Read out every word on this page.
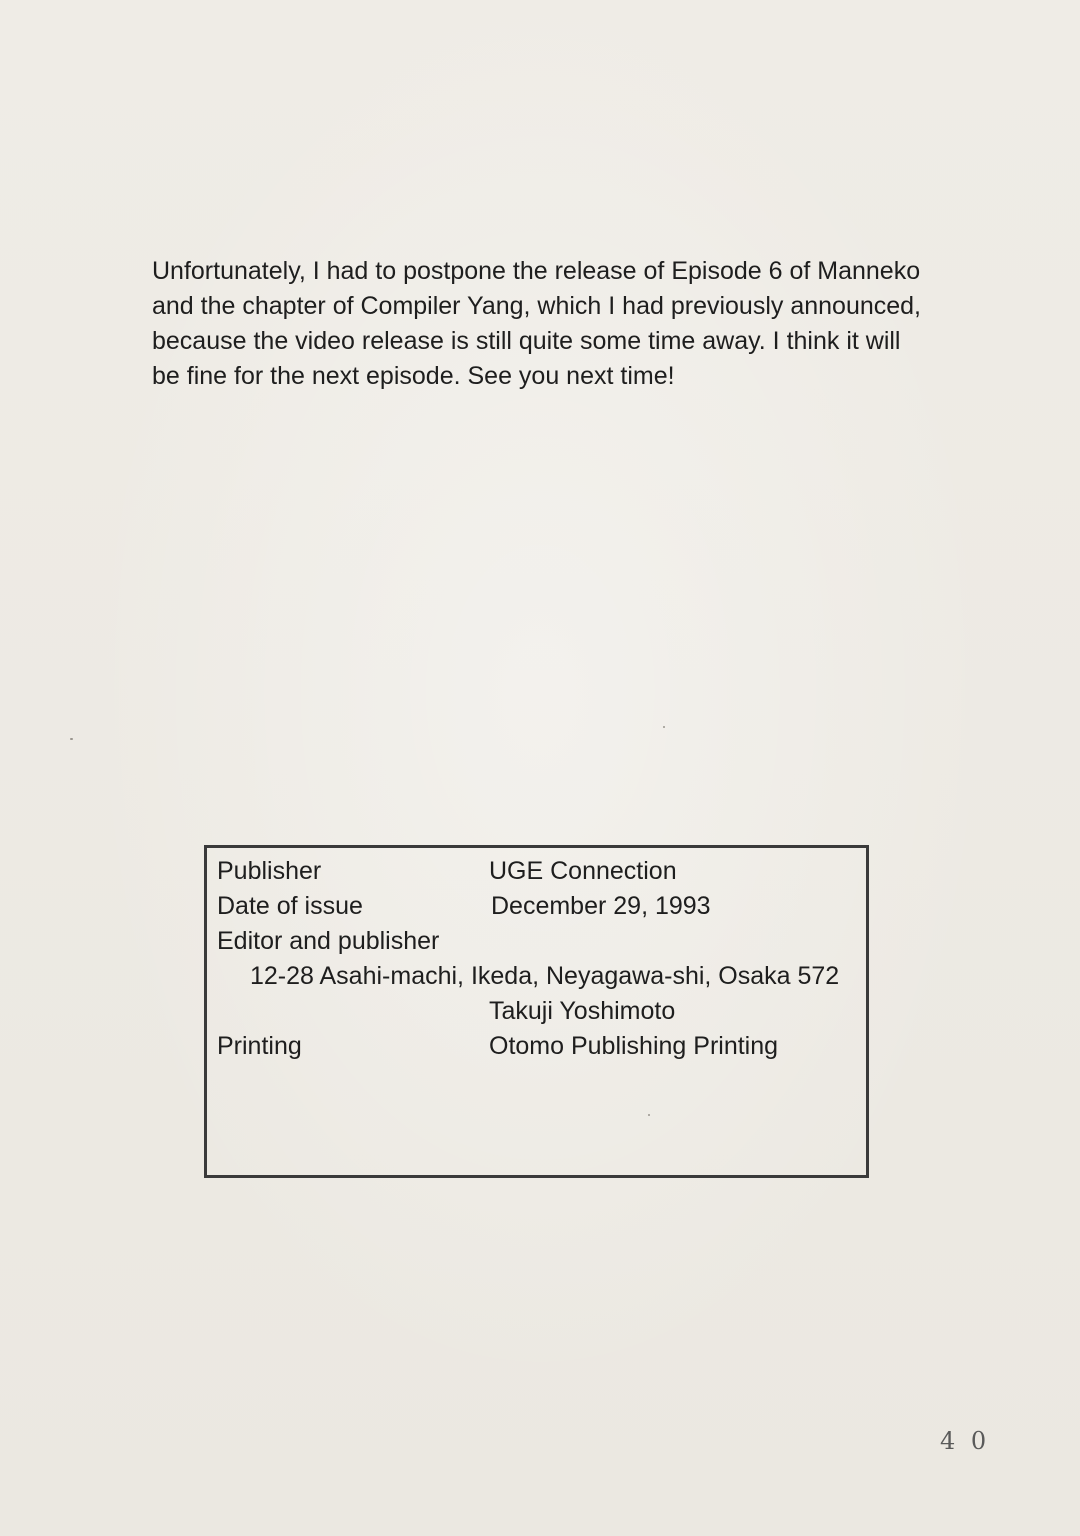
Unfortunately, I had to postpone the release of Episode 6 of Manneko
and the chapter of Compiler Yang, which I had previously announced,
because the video release is still quite some time away. I think it will
be fine for the next episode. See you next time!

Publisher	UGE Connection
Date of issue	December 29, 1993
Editor and publisher
12-28 Asahi-machi, Ikeda, Neyagawa-shi, Osaka 572
Takuji Yoshimoto
Printing	Otomo Publishing Printing
4 0
